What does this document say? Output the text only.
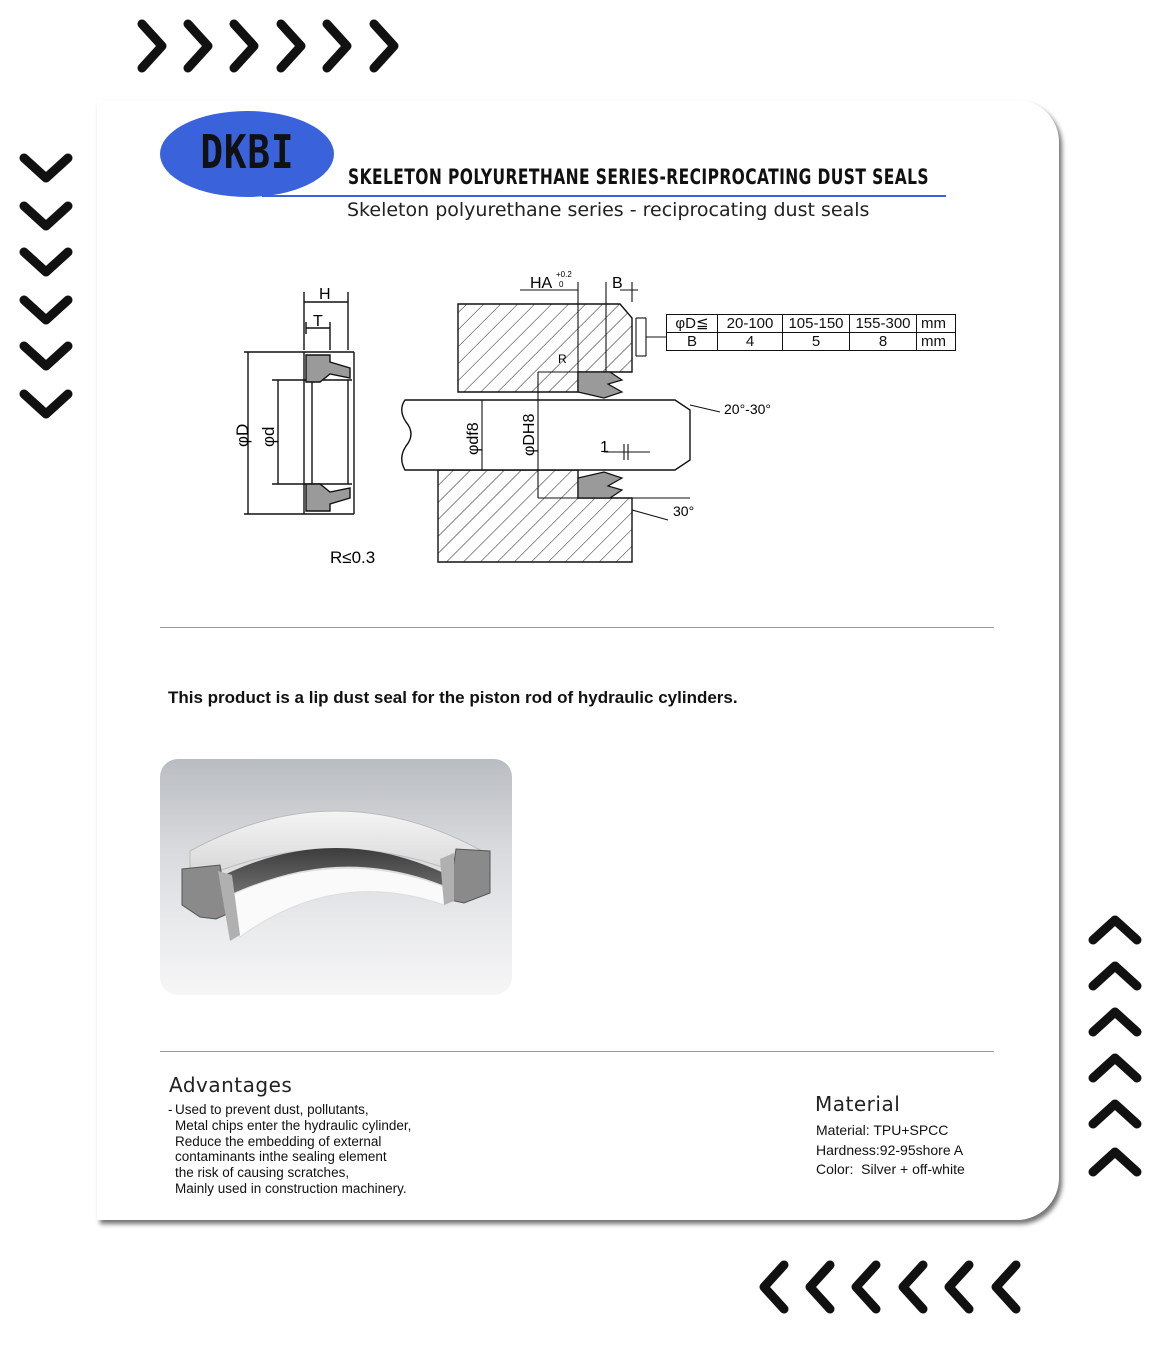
DKBI	SKELETON POLYURETHANE SERIES-RECIPROCATING DUST SEALS
Skeleton polyurethane series - reciprocating dust seals
H
T
φD φd
R≤0.3
HA
+0.2
0	B
R
φdf8 φDH8	1
20°-30°
30°
φD≦	20-100	105-150	155-300	mm
B	4	5	8	mm
This product is a lip dust seal for the piston rod of hydraulic cylinders.
Advantages
- Used to prevent dust, pollutants,
Metal chips enter the hydraulic cylinder,
Reduce the embedding of external
contaminants inthe sealing element
the risk of causing scratches,
Mainly used in construction machinery.
Material
Material: TPU+SPCC
Hardness:92-95shore A
Color:  Silver + off-white
